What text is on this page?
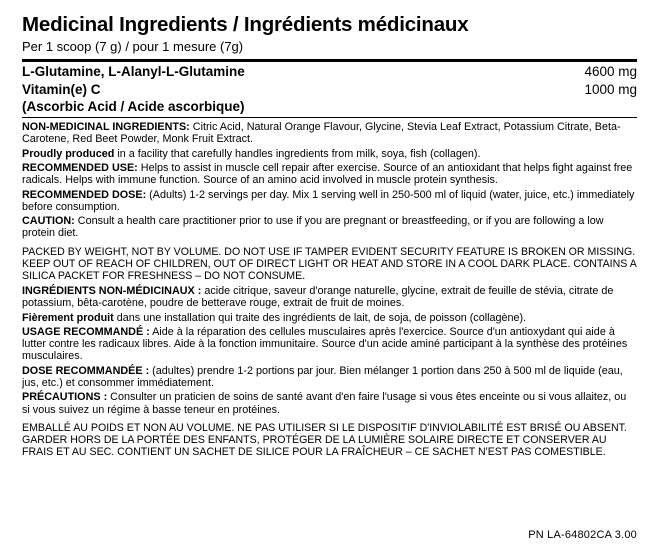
Medicinal Ingredients / Ingrédients médicinaux
Per 1 scoop (7 g) / pour 1 mesure (7g)
L-Glutamine, L-Alanyl-L-Glutamine	4600 mg
Vitamin(e) C	1000 mg
(Ascorbic Acid / Acide ascorbique)	
NON-MEDICINAL INGREDIENTS: Citric Acid, Natural Orange Flavour, Glycine, Stevia Leaf Extract, Potassium Citrate, Beta-Carotene, Red Beet Powder, Monk Fruit Extract.
Proudly produced in a facility that carefully handles ingredients from milk, soya, fish (collagen).
RECOMMENDED USE: Helps to assist in muscle cell repair after exercise. Source of an antioxidant that helps fight against free radicals. Helps with immune function. Source of an amino acid involved in muscle protein synthesis.
RECOMMENDED DOSE: (Adults) 1-2 servings per day. Mix 1 serving well in 250-500 ml of liquid (water, juice, etc.) immediately before consumption.
CAUTION: Consult a health care practitioner prior to use if you are pregnant or breastfeeding, or if you are following a low protein diet.
PACKED BY WEIGHT, NOT BY VOLUME. DO NOT USE IF TAMPER EVIDENT SECURITY FEATURE IS BROKEN OR MISSING. KEEP OUT OF REACH OF CHILDREN, OUT OF DIRECT LIGHT OR HEAT AND STORE IN A COOL DARK PLACE. CONTAINS A SILICA PACKET FOR FRESHNESS – DO NOT CONSUME.
INGRÉDIENTS NON-MÉDICINAUX : acide citrique, saveur d'orange naturelle, glycine, extrait de feuille de stévia, citrate de potassium, bêta-carotène, poudre de betterave rouge, extrait de fruit de moines.
Fièrement produit dans une installation qui traite des ingrédients de lait, de soja, de poisson (collagène).
USAGE RECOMMANDÉ : Aide à la réparation des cellules musculaires après l'exercice. Source d'un antioxydant qui aide à lutter contre les radicaux libres. Aide à la fonction immunitaire. Source d'un acide aminé participant à la synthèse des protéines musculaires.
DOSE RECOMMANDÉE : (adultes) prendre 1-2 portions par jour. Bien mélanger 1 portion dans 250 à 500 ml de liquide (eau, jus, etc.) et consommer immédiatement.
PRÉCAUTIONS : Consulter un praticien de soins de santé avant d'en faire l'usage si vous êtes enceinte ou si vous allaitez, ou si vous suivez un régime à basse teneur en protéines.
EMBALLÉ AU POIDS ET NON AU VOLUME. NE PAS UTILISER SI LE DISPOSITIF D'INVIOLABILITÉ EST BRISÉ OU ABSENT. GARDER HORS DE LA PORTÉE DES ENFANTS, PROTÉGER DE LA LUMIÈRE SOLAIRE DIRECTE ET CONSERVER AU FRAIS ET AU SEC. CONTIENT UN SACHET DE SILICE POUR LA FRAÎCHEUR – CE SACHET N'EST PAS COMESTIBLE.
PN LA-64802CA 3.00
